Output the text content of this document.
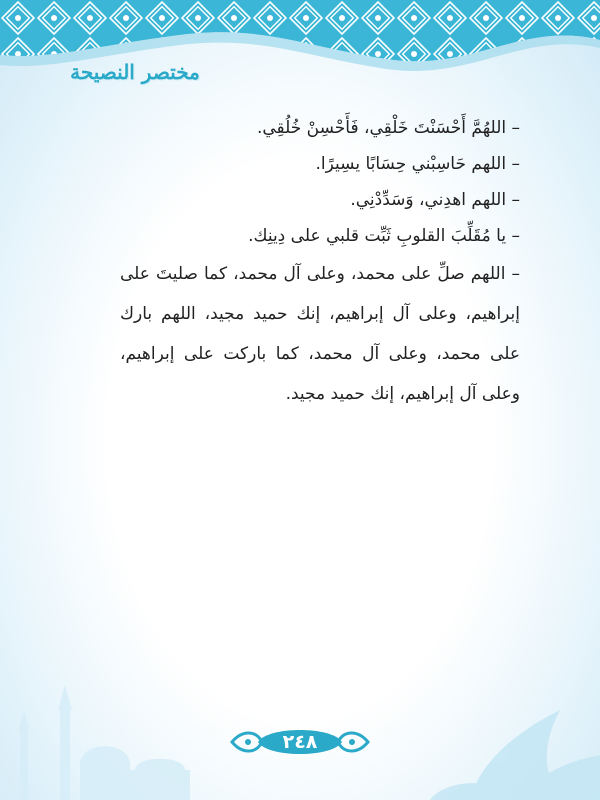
مختصر النصيحة

– اللهُمَّ أَحْسَنْتَ خَلْقِي، فَأَحْسِنْ خُلُقِي.

– اللهم حَاسِبْني حِسَابًا يسِيرًا.

– اللهم اهدِني، وَسَدِّدْنِي.

– يا مُقَلِّبَ القلوبِ ثَبِّت قلبي على دِينِك.

– اللهم صلِّ على محمد، وعلى آل محمد، كما صليتَ على إبراهيم، وعلى آل إبراهيم، إنك حميد مجيد، اللهم بارك على محمد، وعلى آل محمد، كما باركت على إبراهيم، وعلى آل إبراهيم، إنك حميد مجيد.

٢٤٨
